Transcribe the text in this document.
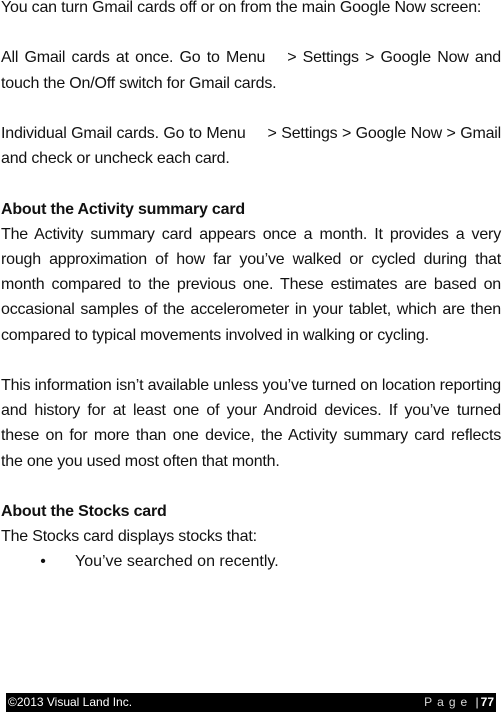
You can turn Gmail cards off or on from the main Google Now screen:

All Gmail cards at once. Go to Menu > Settings > Google Now and touch the On/Off switch for Gmail cards.

Individual Gmail cards. Go to Menu > Settings > Google Now > Gmail and check or uncheck each card.

About the Activity summary card

The Activity summary card appears once a month. It provides a very rough approximation of how far you’ve walked or cycled during that month compared to the previous one. These estimates are based on occasional samples of the accelerometer in your tablet, which are then compared to typical movements involved in walking or cycling.

This information isn’t available unless you’ve turned on location reporting and history for at least one of your Android devices. If you’ve turned these on for more than one device, the Activity summary card reflects the one you used most often that month.

About the Stocks card

The Stocks card displays stocks that:

•	You’ve searched on recently.
©2013 Visual Land Inc.	Page | 77
